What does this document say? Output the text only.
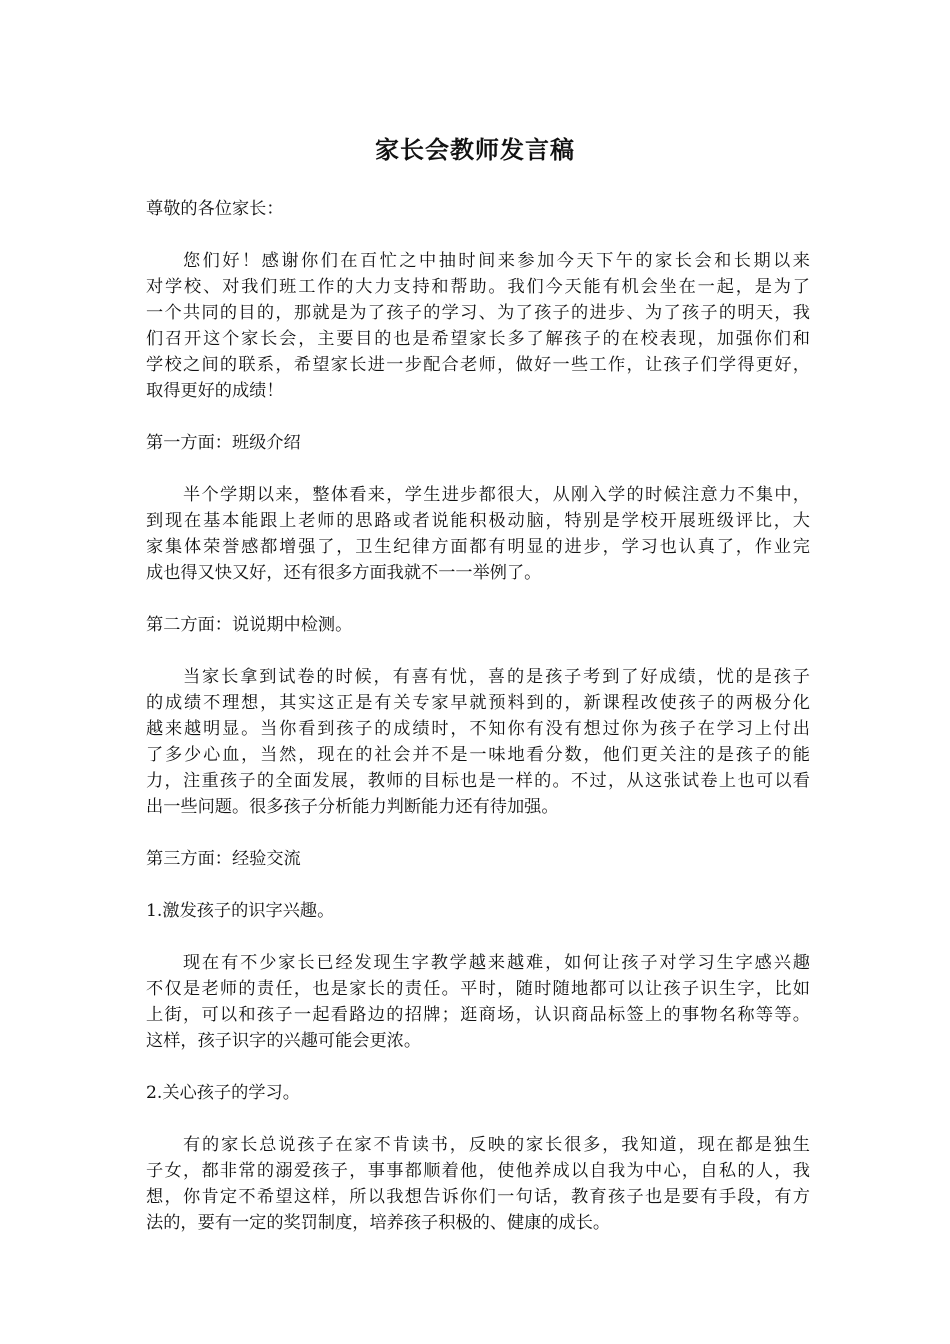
家长会教师发言稿
尊敬的各位家长：
您们好！感谢你们在百忙之中抽时间来参加今天下午的家长会和长期以来
对学校、对我们班工作的大力支持和帮助。我们今天能有机会坐在一起，是为了
一个共同的目的，那就是为了孩子的学习、为了孩子的进步、为了孩子的明天，我
们召开这个家长会，主要目的也是希望家长多了解孩子的在校表现，加强你们和
学校之间的联系，希望家长进一步配合老师，做好一些工作，让孩子们学得更好，
取得更好的成绩！
第一方面：班级介绍
半个学期以来，整体看来，学生进步都很大，从刚入学的时候注意力不集中，
到现在基本能跟上老师的思路或者说能积极动脑，特别是学校开展班级评比，大
家集体荣誉感都增强了，卫生纪律方面都有明显的进步，学习也认真了，作业完
成也得又快又好，还有很多方面我就不一一举例了。
第二方面：说说期中检测。
当家长拿到试卷的时候，有喜有忧，喜的是孩子考到了好成绩，忧的是孩子
的成绩不理想，其实这正是有关专家早就预料到的，新课程改使孩子的两极分化
越来越明显。当你看到孩子的成绩时，不知你有没有想过你为孩子在学习上付出
了多少心血，当然，现在的社会并不是一味地看分数，他们更关注的是孩子的能
力，注重孩子的全面发展，教师的目标也是一样的。不过，从这张试卷上也可以看
出一些问题。很多孩子分析能力判断能力还有待加强。
第三方面：经验交流
1.激发孩子的识字兴趣。
现在有不少家长已经发现生字教学越来越难，如何让孩子对学习生字感兴趣
不仅是老师的责任，也是家长的责任。平时，随时随地都可以让孩子识生字，比如
上街，可以和孩子一起看路边的招牌；逛商场，认识商品标签上的事物名称等等。
这样，孩子识字的兴趣可能会更浓。
2.关心孩子的学习。
有的家长总说孩子在家不肯读书，反映的家长很多，我知道，现在都是独生
子女，都非常的溺爱孩子，事事都顺着他，使他养成以自我为中心，自私的人，我
想，你肯定不希望这样，所以我想告诉你们一句话，教育孩子也是要有手段，有方
法的，要有一定的奖罚制度，培养孩子积极的、健康的成长。
